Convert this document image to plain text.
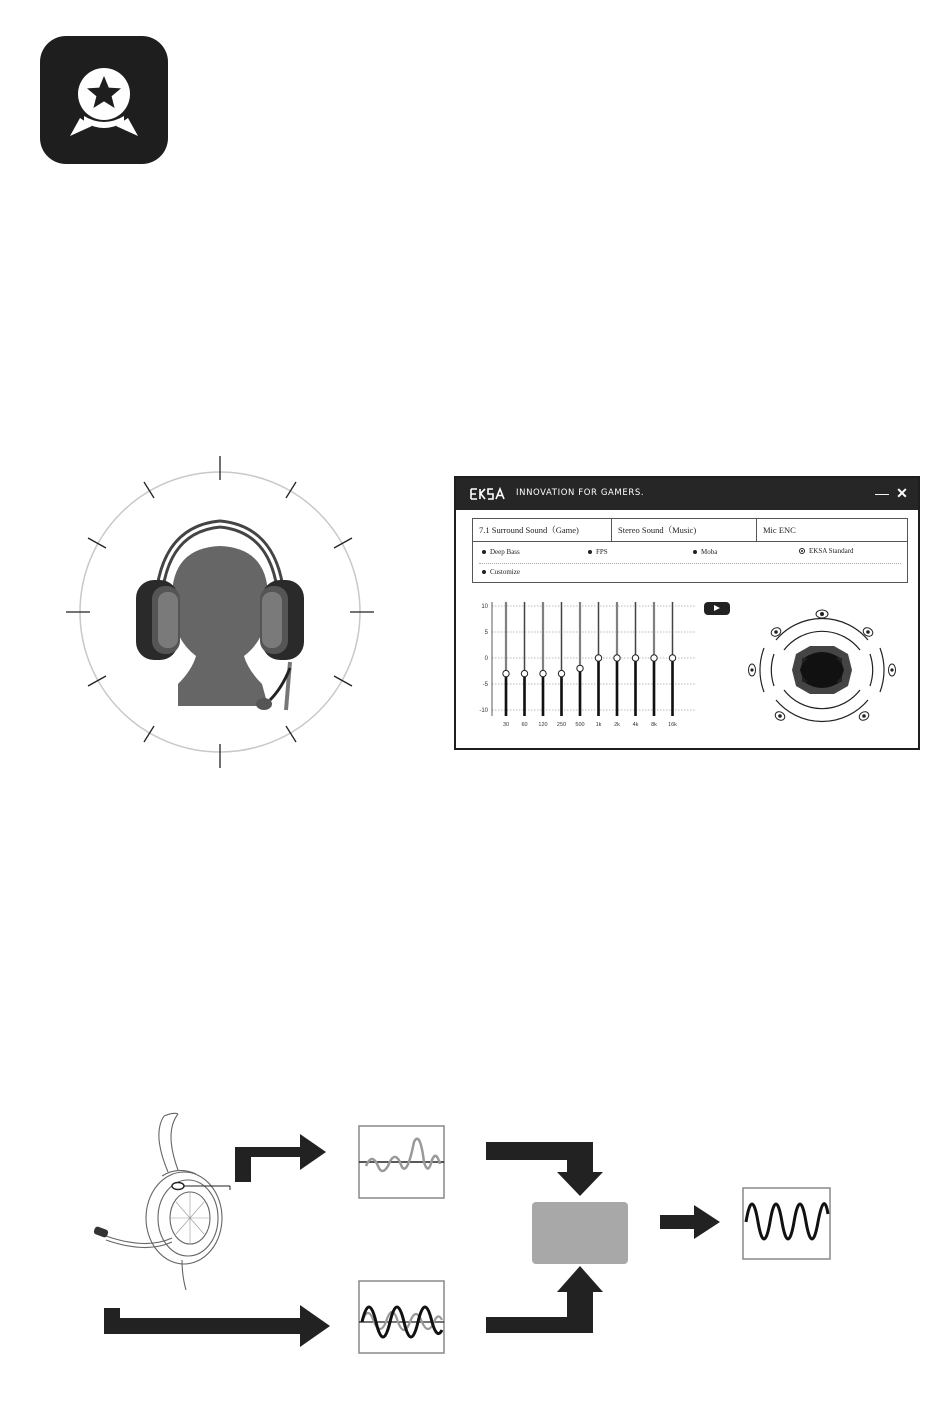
INNOVATION FOR GAMERS.	— ✕
7.1 Surround Sound（Game)	Stereo Sound（Music)	Mic ENC
Deep Bass	FPS	Moba	EKSA Standard
Customize
10
5
0
-5
-10
30 60 120 250 500 1k 2k 4k 8k 16k
